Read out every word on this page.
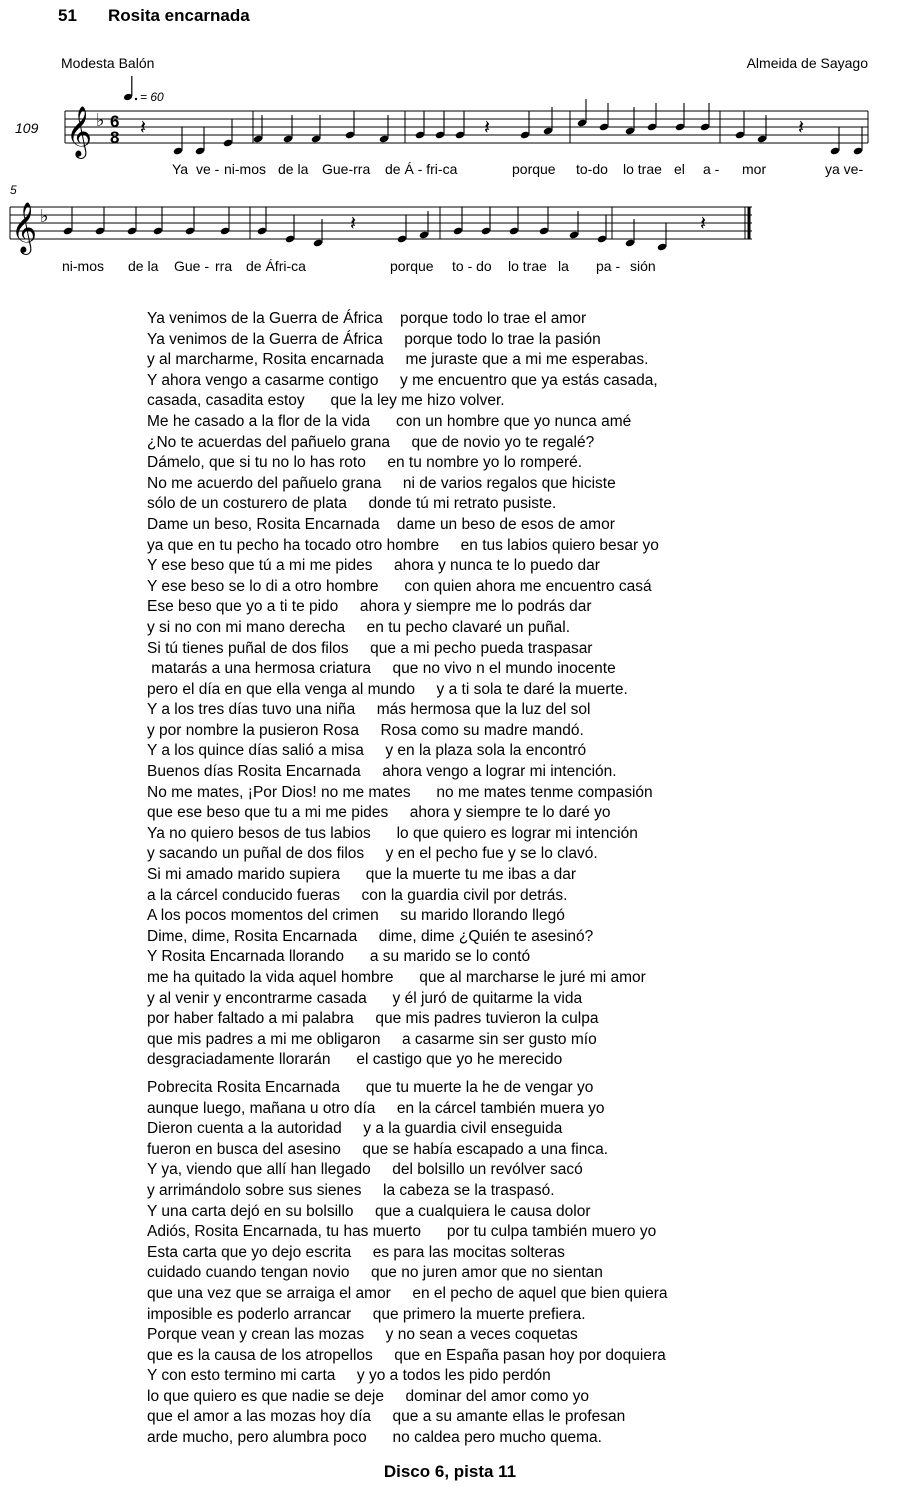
51 Rosita encarnada
Modesta Balón	Almeida de Sayago
109
5
= 60
𝄞 ♭ 6
8
𝄞 ♭
𝄽	𝄽	𝄽
𝄽	𝄽
Ya ve - ni-mos de la Gue-rra de Á - fri-ca	porque to-do lo trae el a - mor	ya ve-
ni-mos de la Gue - rra de Áfri-ca	porque to - do lo trae la pa - sión
Ya venimos de la Guerra de África    porque todo lo trae el amor
Ya venimos de la Guerra de África     porque todo lo trae la pasión
y al marcharme, Rosita encarnada     me juraste que a mi me esperabas.
Y ahora vengo a casarme contigo     y me encuentro que ya estás casada,
casada, casadita estoy      que la ley me hizo volver.
Me he casado a la flor de la vida      con un hombre que yo nunca amé
¿No te acuerdas del pañuelo grana     que de novio yo te regalé?
Dámelo, que si tu no lo has roto     en tu nombre yo lo romperé.
No me acuerdo del pañuelo grana     ni de varios regalos que hiciste
sólo de un costurero de plata     donde tú mi retrato pusiste.
Dame un beso, Rosita Encarnada    dame un beso de esos de amor
ya que en tu pecho ha tocado otro hombre     en tus labios quiero besar yo
Y ese beso que tú a mi me pides     ahora y nunca te lo puedo dar
Y ese beso se lo di a otro hombre      con quien ahora me encuentro casá
Ese beso que yo a ti te pido     ahora y siempre me lo podrás dar
y si no con mi mano derecha     en tu pecho clavaré un puñal.
Si tú tienes puñal de dos filos     que a mi pecho pueda traspasar
matarás a una hermosa criatura     que no vivo n el mundo inocente
pero el día en que ella venga al mundo     y a ti sola te daré la muerte.
Y a los tres días tuvo una niña     más hermosa que la luz del sol
y por nombre la pusieron Rosa     Rosa como su madre mandó.
Y a los quince días salió a misa     y en la plaza sola la encontró
Buenos días Rosita Encarnada     ahora vengo a lograr mi intención.
No me mates, ¡Por Dios! no me mates      no me mates tenme compasión
que ese beso que tu a mi me pides     ahora y siempre te lo daré yo
Ya no quiero besos de tus labios      lo que quiero es lograr mi intención
y sacando un puñal de dos filos     y en el pecho fue y se lo clavó.
Si mi amado marido supiera      que la muerte tu me ibas a dar
a la cárcel conducido fueras     con la guardia civil por detrás.
A los pocos momentos del crimen     su marido llorando llegó
Dime, dime, Rosita Encarnada     dime, dime ¿Quién te asesinó?
Y Rosita Encarnada llorando      a su marido se lo contó
me ha quitado la vida aquel hombre      que al marcharse le juré mi amor
y al venir y encontrarme casada      y él juró de quitarme la vida
por haber faltado a mi palabra     que mis padres tuvieron la culpa
que mis padres a mi me obligaron     a casarme sin ser gusto mío
desgraciadamente llorarán      el castigo que yo he merecido
Pobrecita Rosita Encarnada      que tu muerte la he de vengar yo
aunque luego, mañana u otro día     en la cárcel también muera yo
Dieron cuenta a la autoridad     y a la guardia civil enseguida
fueron en busca del asesino     que se había escapado a una finca.
Y ya, viendo que allí han llegado     del bolsillo un revólver sacó
y arrimándolo sobre sus sienes     la cabeza se la traspasó.
Y una carta dejó en su bolsillo     que a cualquiera le causa dolor
Adiós, Rosita Encarnada, tu has muerto      por tu culpa también muero yo
Esta carta que yo dejo escrita     es para las mocitas solteras
cuidado cuando tengan novio     que no juren amor que no sientan
que una vez que se arraiga el amor     en el pecho de aquel que bien quiera
imposible es poderlo arrancar     que primero la muerte prefiera.
Porque vean y crean las mozas     y no sean a veces coquetas
que es la causa de los atropellos     que en España pasan hoy por doquiera
Y con esto termino mi carta     y yo a todos les pido perdón
lo que quiero es que nadie se deje     dominar del amor como yo
que el amor a las mozas hoy día     que a su amante ellas le profesan
arde mucho, pero alumbra poco      no caldea pero mucho quema.
Disco 6, pista 11
